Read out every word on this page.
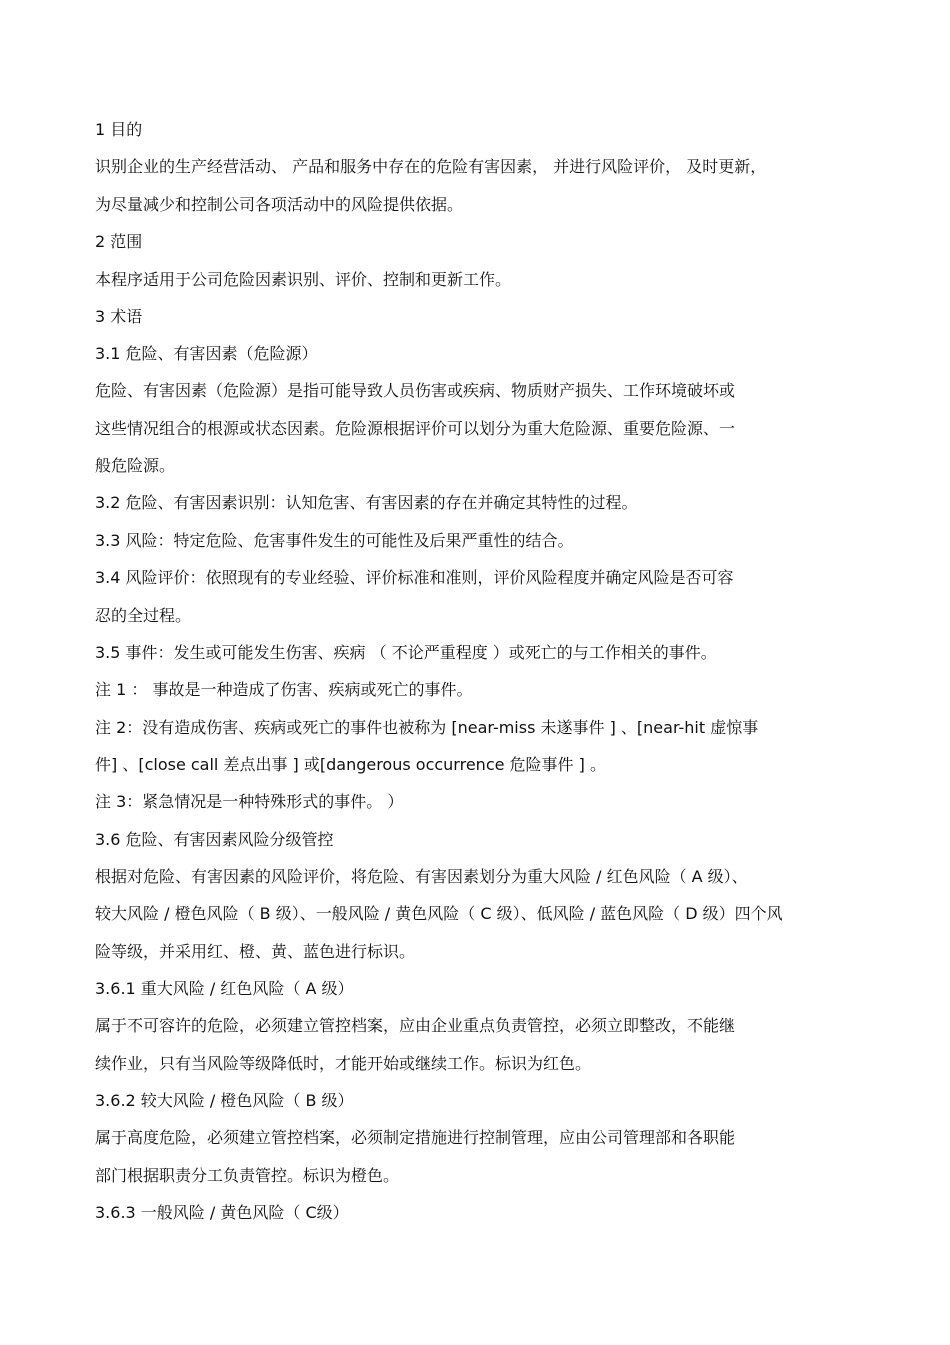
1 目的
识别企业的生产经营活动、 产品和服务中存在的危险有害因素， 并进行风险评价， 及时更新，
为尽量减少和控制公司各项活动中的风险提供依据。
2 范围
本程序适用于公司危险因素识别、评价、控制和更新工作。
3 术语
3.1 危险、有害因素（危险源）
危险、有害因素（危险源）是指可能导致人员伤害或疾病、物质财产损失、工作环境破坏或
这些情况组合的根源或状态因素。危险源根据评价可以划分为重大危险源、重要危险源、一
般危险源。
3.2 危险、有害因素识别：认知危害、有害因素的存在并确定其特性的过程。
3.3 风险：特定危险、危害事件发生的可能性及后果严重性的结合。
3.4 风险评价：依照现有的专业经验、评价标准和准则，评价风险程度并确定风险是否可容
忍的全过程。
3.5 事件：发生或可能发生伤害、疾病 （ 不论严重程度 ）或死亡的与工作相关的事件。
注 1 ： 事故是一种造成了伤害、疾病或死亡的事件。
注 2：没有造成伤害、疾病或死亡的事件也被称为 [near-miss 未遂事件 ] 、[near-hit 虚惊事
件] 、[close call 差点出事 ] 或[dangerous occurrence 危险事件 ] 。
注 3：紧急情况是一种特殊形式的事件。 ）
3.6 危险、有害因素风险分级管控
根据对危险、有害因素的风险评价，将危险、有害因素划分为重大风险 / 红色风险（ A 级）、
较大风险 / 橙色风险（ B 级）、一般风险 / 黄色风险（ C 级）、低风险 / 蓝色风险（ D 级）四个风
险等级，并采用红、橙、黄、蓝色进行标识。
3.6.1 重大风险 / 红色风险（ A 级）
属于不可容许的危险，必须建立管控档案，应由企业重点负责管控，必须立即整改，不能继
续作业，只有当风险等级降低时，才能开始或继续工作。标识为红色。
3.6.2 较大风险 / 橙色风险（ B 级）
属于高度危险，必须建立管控档案，必须制定措施进行控制管理，应由公司管理部和各职能
部门根据职责分工负责管控。标识为橙色。
3.6.3 一般风险 / 黄色风险（ C级）
